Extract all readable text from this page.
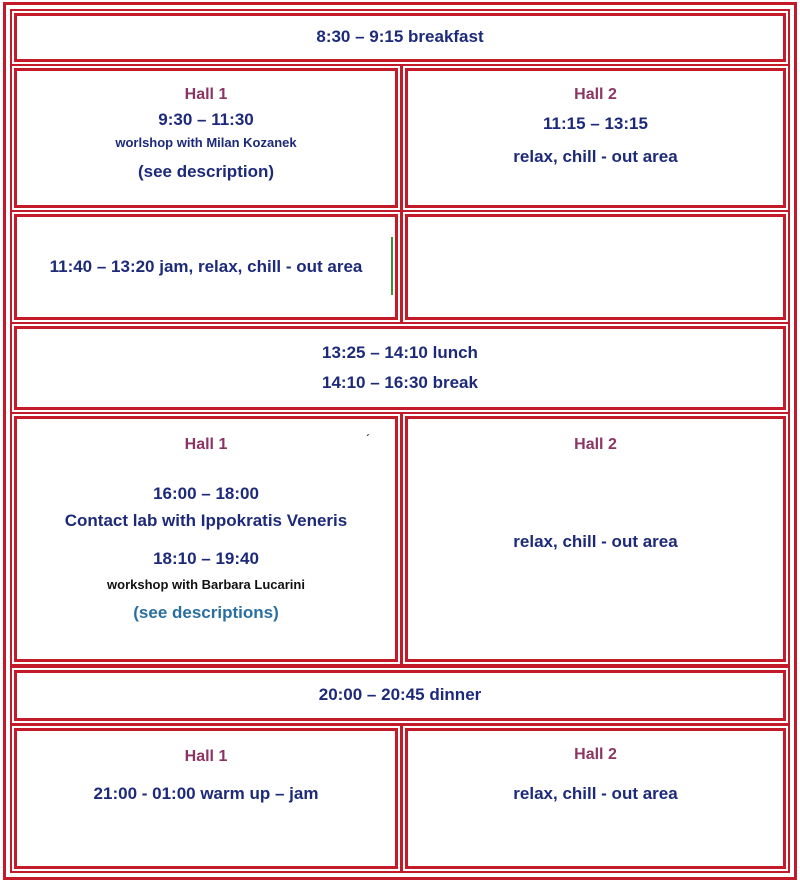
8:30 – 9:15 breakfast

Hall 1

9:30 – 11:30

worlshop with Milan Kozanek

(see description)

Hall 2

11:15 – 13:15

relax, chill - out area

11:40 – 13:20 jam, relax, chill - out area

13:25 – 14:10 lunch

14:10 – 16:30 break

Hall 1

16:00 – 18:00

Contact lab with Ippokratis Veneris

18:10 – 19:40

workshop with Barbara Lucarini

(see descriptions)

ˊ	Hall 2

relax, chill - out area

20:00 – 20:45 dinner

Hall 1

21:00 - 01:00 warm up – jam

Hall 2

relax, chill - out area
